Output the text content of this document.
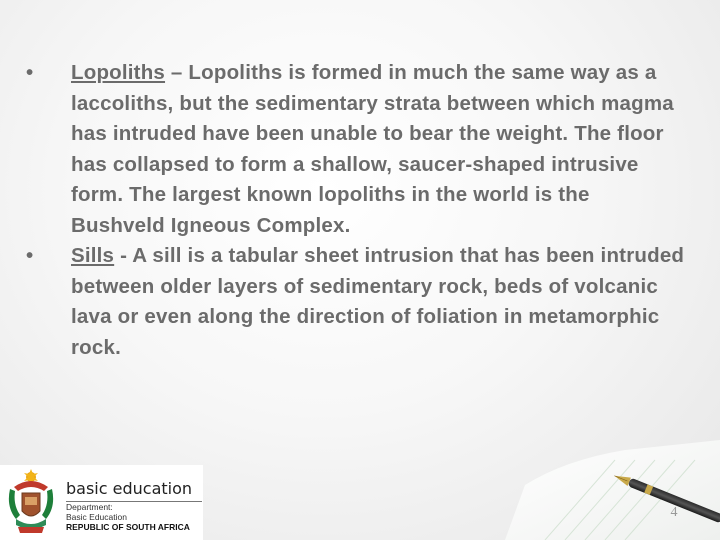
•	Lopoliths – Lopoliths is formed in much the same way as a laccoliths, but the sedimentary strata between which magma has intruded have been unable to bear the weight. The floor has collapsed to form a shallow, saucer-shaped intrusive form. The largest known lopoliths in the world is the Bushveld Igneous Complex.
•	Sills - A sill is a tabular sheet intrusion that has been intruded between older layers of sedimentary rock, beds of volcanic lava or even along the direction of foliation in metamorphic rock.
basic education
Department:
Basic Education
REPUBLIC OF SOUTH AFRICA
4
